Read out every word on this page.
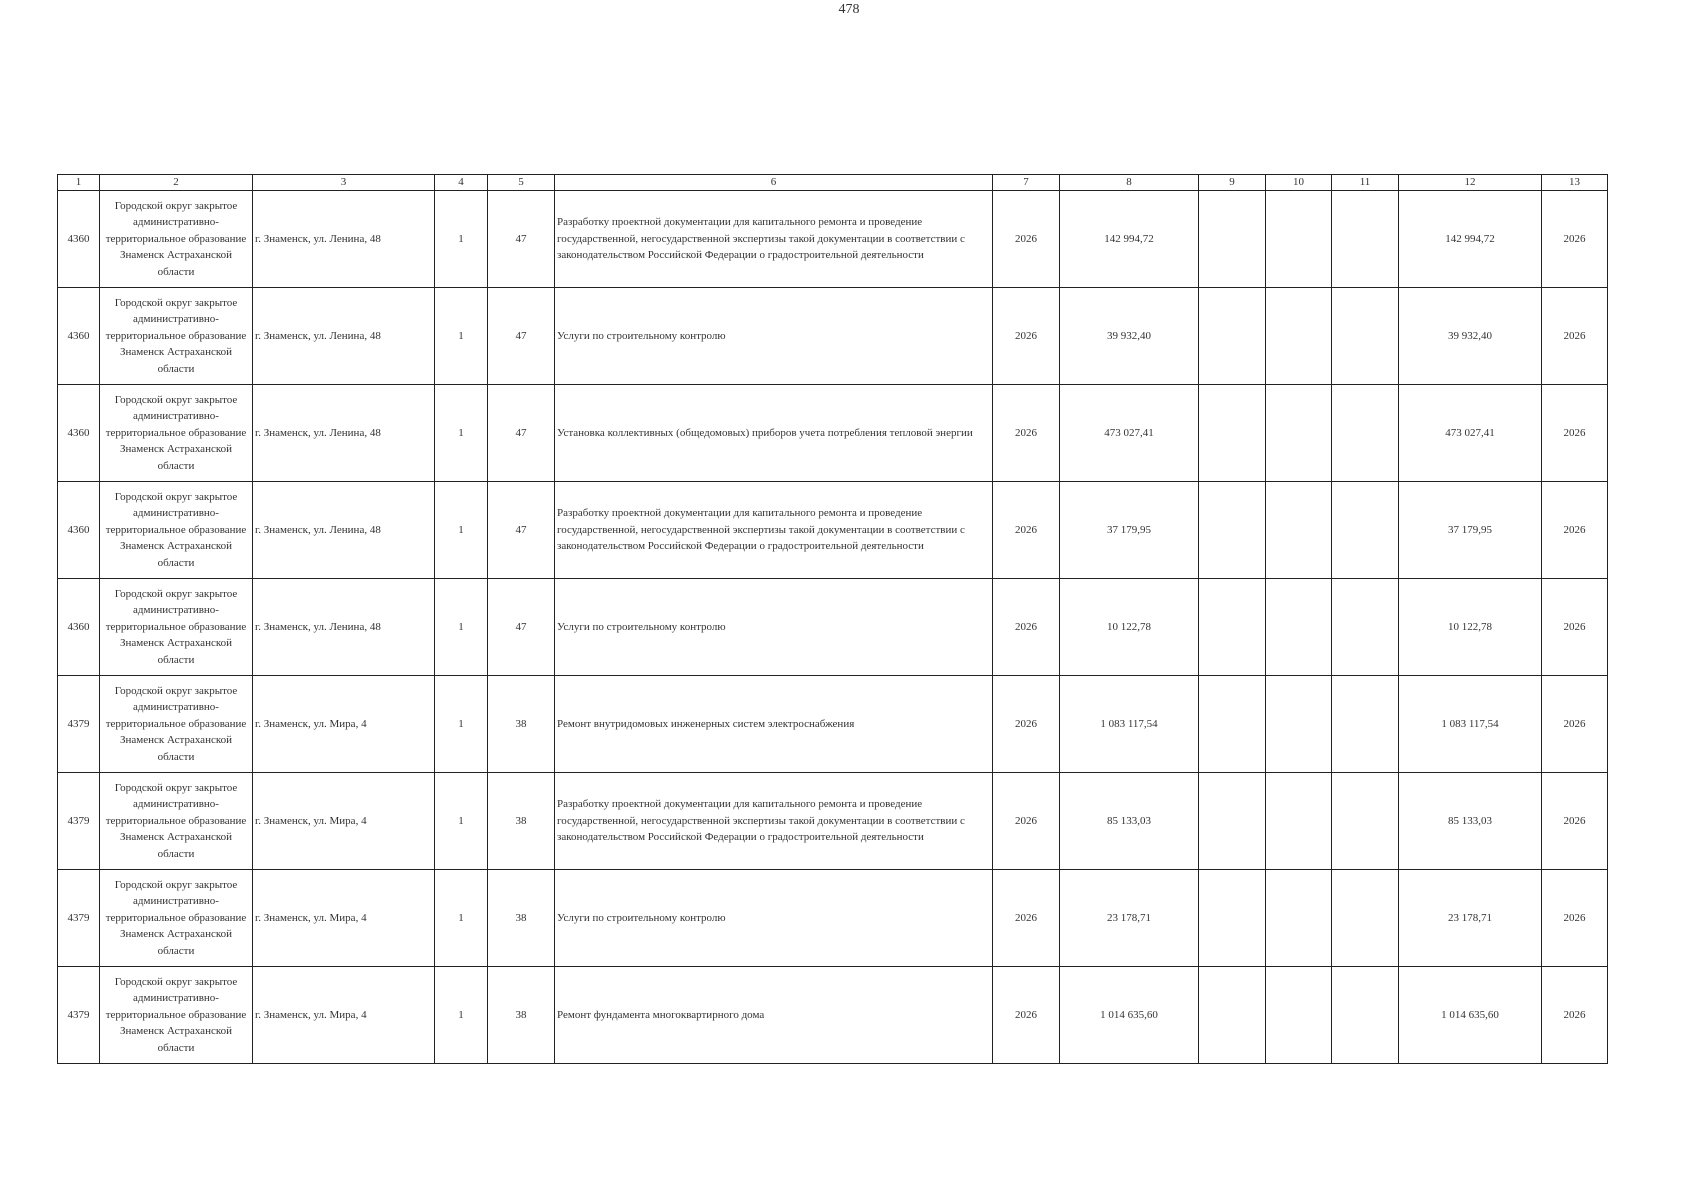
478
1	2	3	4	5	6	7	8	9	10	11	12	13
4360	Городской округ закрытое административно-территориальное образование Знаменск Астраханской области	г. Знаменск, ул. Ленина, 48	1	47	Разработку проектной документации для капитального ремонта и проведение государственной, негосударственной экспертизы такой документации в соответствии с законодательством Российской Федерации о градостроительной деятельности	2026	142 994,72				142 994,72	2026
4360	Городской округ закрытое административно-территориальное образование Знаменск Астраханской области	г. Знаменск, ул. Ленина, 48	1	47	Услуги по строительному контролю	2026	39 932,40				39 932,40	2026
4360	Городской округ закрытое административно-территориальное образование Знаменск Астраханской области	г. Знаменск, ул. Ленина, 48	1	47	Установка коллективных (общедомовых) приборов учета потребления тепловой энергии	2026	473 027,41				473 027,41	2026
4360	Городской округ закрытое административно-территориальное образование Знаменск Астраханской области	г. Знаменск, ул. Ленина, 48	1	47	Разработку проектной документации для капитального ремонта и проведение государственной, негосударственной экспертизы такой документации в соответствии с законодательством Российской Федерации о градостроительной деятельности	2026	37 179,95				37 179,95	2026
4360	Городской округ закрытое административно-территориальное образование Знаменск Астраханской области	г. Знаменск, ул. Ленина, 48	1	47	Услуги по строительному контролю	2026	10 122,78				10 122,78	2026
4379	Городской округ закрытое административно-территориальное образование Знаменск Астраханской области	г. Знаменск, ул. Мира, 4	1	38	Ремонт внутридомовых инженерных систем электроснабжения	2026	1 083 117,54				1 083 117,54	2026
4379	Городской округ закрытое административно-территориальное образование Знаменск Астраханской области	г. Знаменск, ул. Мира, 4	1	38	Разработку проектной документации для капитального ремонта и проведение государственной, негосударственной экспертизы такой документации в соответствии с законодательством Российской Федерации о градостроительной деятельности	2026	85 133,03				85 133,03	2026
4379	Городской округ закрытое административно-территориальное образование Знаменск Астраханской области	г. Знаменск, ул. Мира, 4	1	38	Услуги по строительному контролю	2026	23 178,71				23 178,71	2026
4379	Городской округ закрытое административно-территориальное образование Знаменск Астраханской области	г. Знаменск, ул. Мира, 4	1	38	Ремонт фундамента многоквартирного дома	2026	1 014 635,60				1 014 635,60	2026
